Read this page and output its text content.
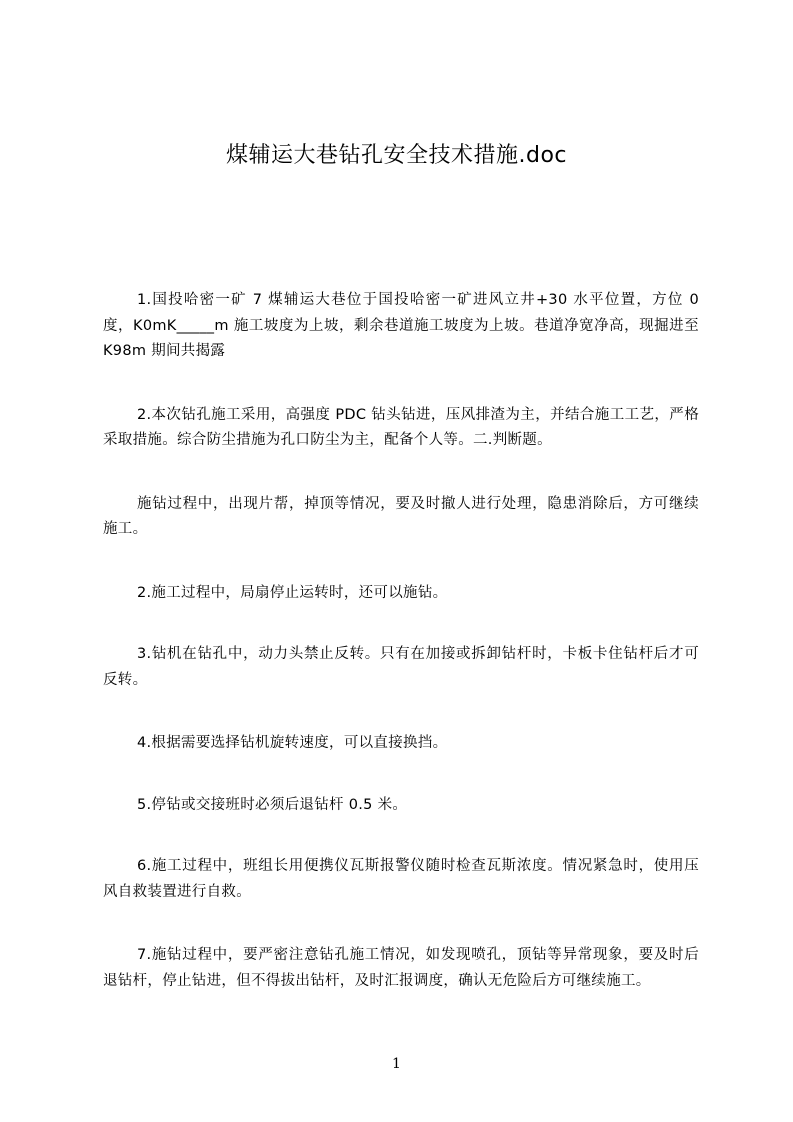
煤辅运大巷钻孔安全技术措施.doc

1.国投哈密一矿 7 煤辅运大巷位于国投哈密一矿进风立井+30 水平位置，方位 0 度，K0mK_____m 施工坡度为上坡，剩余巷道施工坡度为上坡。巷道净宽净高，现掘进至 K98m 期间共揭露

2.本次钻孔施工采用，高强度 PDC 钻头钻进，压风排渣为主，并结合施工工艺，严格采取措施。综合防尘措施为孔口防尘为主，配备个人等。二.判断题。

施钻过程中，出现片帮，掉顶等情况，要及时撤人进行处理，隐患消除后，方可继续施工。

2.施工过程中，局扇停止运转时，还可以施钻。

3.钻机在钻孔中，动力头禁止反转。只有在加接或拆卸钻杆时，卡板卡住钻杆后才可反转。

4.根据需要选择钻机旋转速度，可以直接换挡。

5.停钻或交接班时必须后退钻杆 0.5 米。

6.施工过程中，班组长用便携仪瓦斯报警仪随时检查瓦斯浓度。情况紧急时，使用压风自救装置进行自救。

7.施钻过程中，要严密注意钻孔施工情况，如发现喷孔，顶钻等异常现象，要及时后退钻杆，停止钻进，但不得拔出钻杆，及时汇报调度，确认无危险后方可继续施工。

1
